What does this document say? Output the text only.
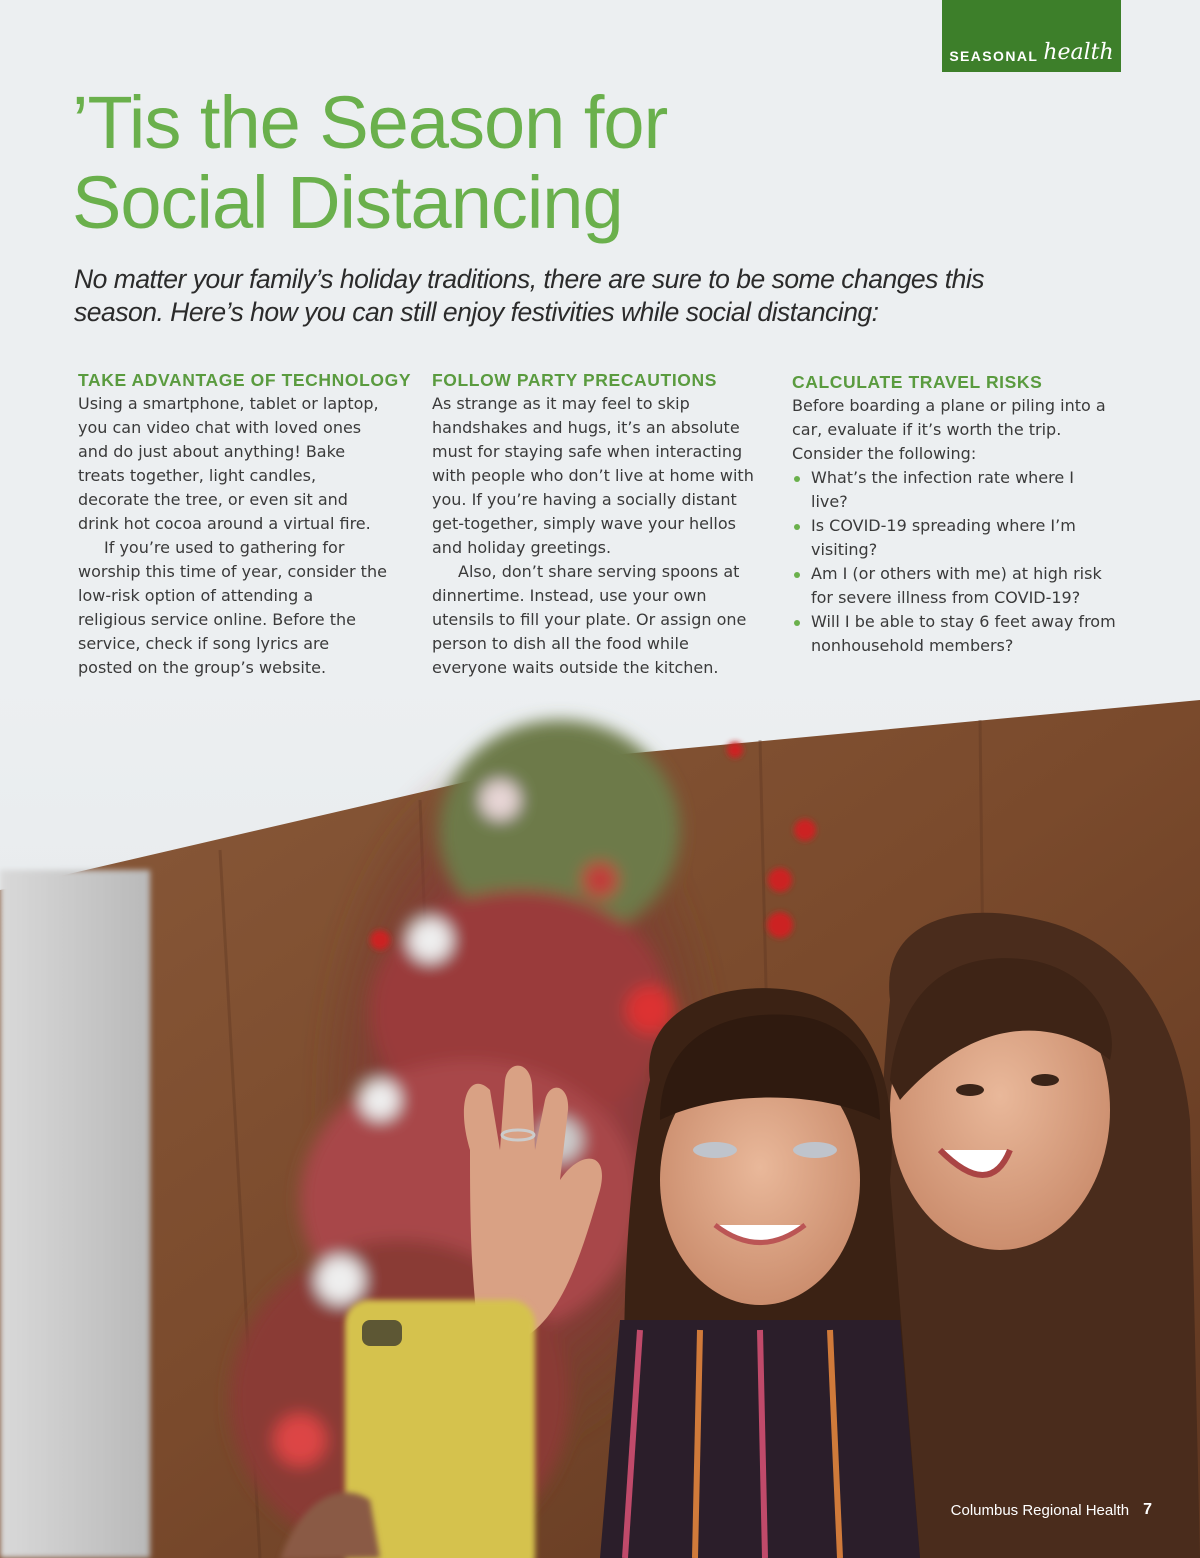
SEASONAL health
’Tis the Season for
Social Distancing

No matter your family’s holiday traditions, there are sure to be some changes this
season. Here’s how you can still enjoy festivities while social distancing:

TAKE ADVANTAGE OF TECHNOLOGY
Using a smartphone, tablet or laptop,
you can video chat with loved ones
and do just about anything! Bake
treats together, light candles,
decorate the tree, or even sit and
drink hot cocoa around a virtual fire.
If you’re used to gathering for
worship this time of year, consider the
low-risk option of attending a
religious service online. Before the
service, check if song lyrics are
posted on the group’s website.
FOLLOW PARTY PRECAUTIONS
As strange as it may feel to skip
handshakes and hugs, it’s an absolute
must for staying safe when interacting
with people who don’t live at home with
you. If you’re having a socially distant
get-together, simply wave your hellos
and holiday greetings.
Also, don’t share serving spoons at
dinnertime. Instead, use your own
utensils to fill your plate. Or assign one
person to dish all the food while
everyone waits outside the kitchen.
CALCULATE TRAVEL RISKS
Before boarding a plane or piling into a
car, evaluate if it’s worth the trip.
Consider the following:
What’s the infection rate where I
live?
Is COVID-19 spreading where I’m
visiting?
Am I (or others with me) at high risk
for severe illness from COVID-19?
Will I be able to stay 6 feet away from
nonhousehold members?
Columbus Regional Health 7
